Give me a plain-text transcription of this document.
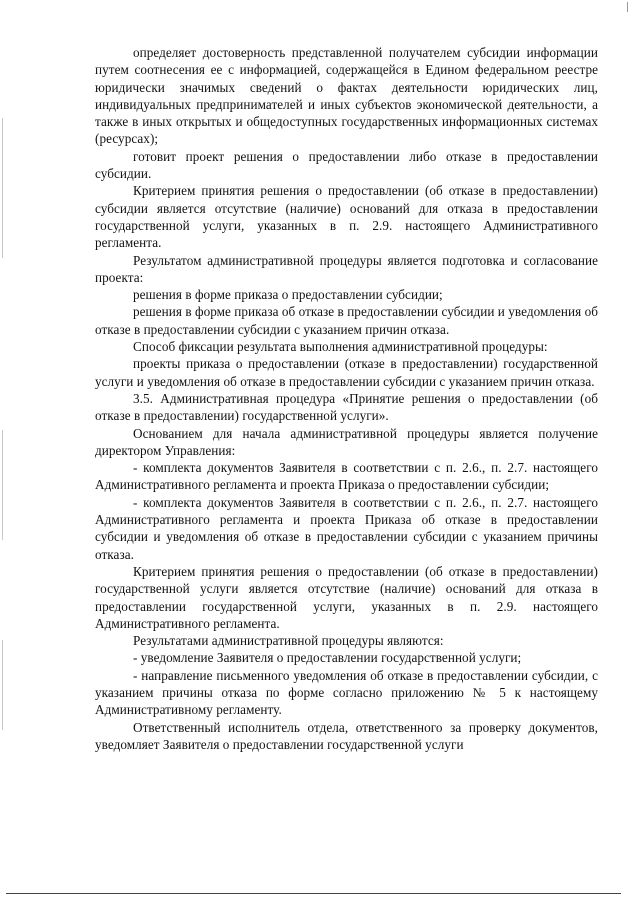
определяет достоверность представленной получателем субсидии информации путем соотнесения ее с информацией, содержащейся в Едином федеральном реестре юридически значимых сведений о фактах деятельности юридических лиц, индивидуальных предпринимателей и иных субъектов экономической деятельности, а также в иных открытых и общедоступных государственных информационных системах (ресурсах);

готовит проект решения о предоставлении либо отказе в предоставлении субсидии.

Критерием принятия решения о предоставлении (об отказе в предоставлении) субсидии является отсутствие (наличие) оснований для отказа в предоставлении государственной услуги, указанных в п. 2.9. настоящего Административного регламента.

Результатом административной процедуры является подготовка и согласование проекта:

решения в форме приказа о предоставлении субсидии;

решения в форме приказа об отказе в предоставлении субсидии и уведомления об отказе в предоставлении субсидии с указанием причин отказа.

Способ фиксации результата выполнения административной процедуры:

проекты приказа о предоставлении (отказе в предоставлении) государственной услуги и уведомления об отказе в предоставлении субсидии с указанием причин отказа.

3.5. Административная процедура «Принятие решения о предоставлении (об отказе в предоставлении) государственной услуги».

Основанием для начала административной процедуры является получение директором Управления:

- комплекта документов Заявителя в соответствии с п. 2.6., п. 2.7. настоящего Административного регламента и проекта Приказа о предоставлении субсидии;

- комплекта документов Заявителя в соответствии с п. 2.6., п. 2.7. настоящего Административного регламента и проекта Приказа об отказе в предоставлении субсидии и уведомления об отказе в предоставлении субсидии с указанием причины отказа.

Критерием принятия решения о предоставлении (об отказе в предоставлении) государственной услуги является отсутствие (наличие) оснований для отказа в предоставлении государственной услуги, указанных в п. 2.9. настоящего Административного регламента.

Результатами административной процедуры являются:

- уведомление Заявителя о предоставлении государственной услуги;

- направление письменного уведомления об отказе в предоставлении субсидии, с указанием причины отказа по форме согласно приложению № 5 к настоящему Административному регламенту.

Ответственный исполнитель отдела, ответственного за проверку документов, уведомляет Заявителя о предоставлении государственной услуги
